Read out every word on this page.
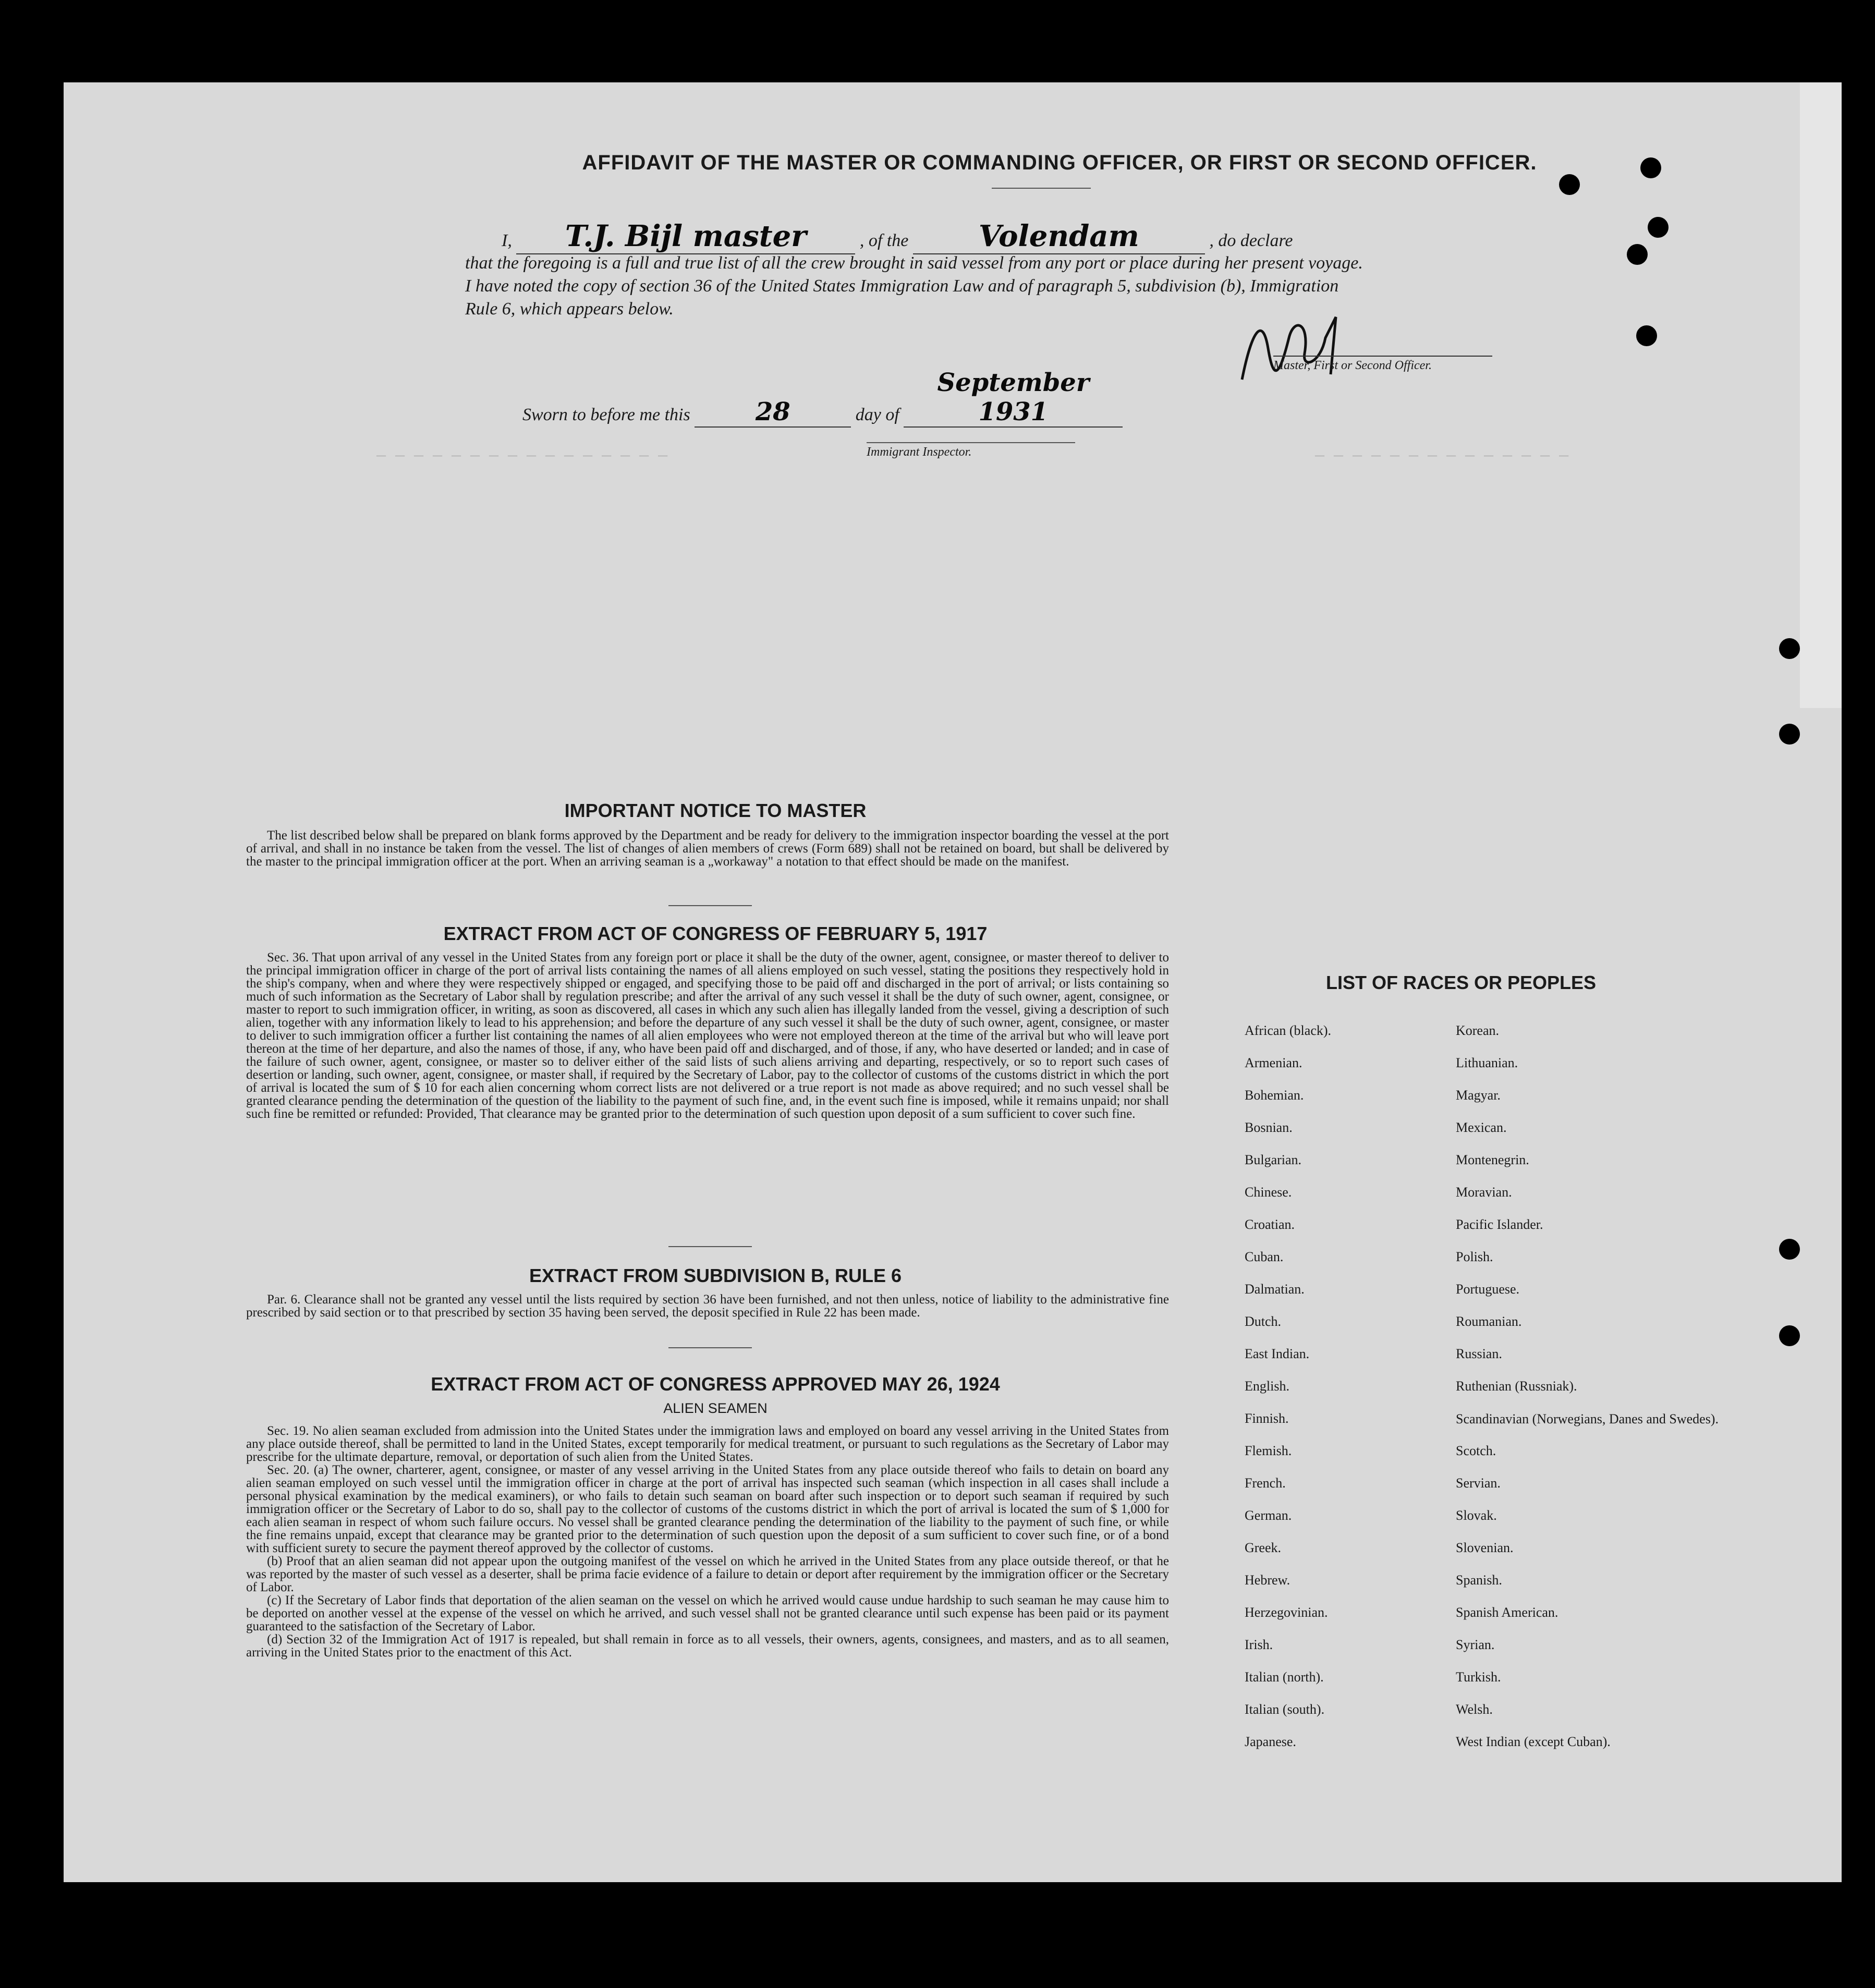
— — — — — — — — — — — — — —
— — — — — — — — — — — — — — — —
AFFIDAVIT OF THE MASTER OR COMMANDING OFFICER, OR FIRST OR SECOND OFFICER.
I, T.J. Bijl master	, of the Volendam	, do declare
that the foregoing is a full and true list of all the crew brought in said vessel from any port or place during her present voyage.
I have noted the copy of section 36 of the United States Immigration Law and of paragraph 5, subdivision (b), Immigration
Rule 6, which appears below.
Master, First or Second Officer.
Sworn to before me this	28	day of September 1931
Immigrant Inspector.
IMPORTANT NOTICE TO MASTER

The list described below shall be prepared on blank forms approved by the Department and be ready for delivery to the immigration inspector boarding the vessel at the port of arrival, and shall in no instance be taken from the vessel. The list of changes of alien members of crews (Form 689) shall not be retained on board, but shall be delivered by the master to the principal immigration officer at the port. When an arriving seaman is a „workaway" a notation to that effect should be made on the manifest.

EXTRACT FROM ACT OF CONGRESS OF FEBRUARY 5, 1917

Sec. 36. That upon arrival of any vessel in the United States from any foreign port or place it shall be the duty of the owner, agent, consignee, or master thereof to deliver to the principal immigration officer in charge of the port of arrival lists containing the names of all aliens employed on such vessel, stating the positions they respectively hold in the ship's company, when and where they were respectively shipped or engaged, and specifying those to be paid off and discharged in the port of arrival; or lists containing so much of such information as the Secretary of Labor shall by regulation prescribe; and after the arrival of any such vessel it shall be the duty of such owner, agent, consignee, or master to report to such immigration officer, in writing, as soon as discovered, all cases in which any such alien has illegally landed from the vessel, giving a description of such alien, together with any information likely to lead to his apprehension; and before the departure of any such vessel it shall be the duty of such owner, agent, consignee, or master to deliver to such immigration officer a further list containing the names of all alien employees who were not employed thereon at the time of the arrival but who will leave port thereon at the time of her departure, and also the names of those, if any, who have been paid off and discharged, and of those, if any, who have deserted or landed; and in case of the failure of such owner, agent, consignee, or master so to deliver either of the said lists of such aliens arriving and departing, respectively, or so to report such cases of desertion or landing, such owner, agent, consignee, or master shall, if required by the Secretary of Labor, pay to the collector of customs of the customs district in which the port of arrival is located the sum of $ 10 for each alien concerning whom correct lists are not delivered or a true report is not made as above required; and no such vessel shall be granted clearance pending the determination of the question of the liability to the payment of such fine, and, in the event such fine is imposed, while it remains unpaid; nor shall such fine be remitted or refunded: Provided, That clearance may be granted prior to the determination of such question upon deposit of a sum sufficient to cover such fine.

EXTRACT FROM SUBDIVISION B, RULE 6

Par. 6. Clearance shall not be granted any vessel until the lists required by section 36 have been furnished, and not then unless, notice of liability to the administrative fine prescribed by said section or to that prescribed by section 35 having been served, the deposit specified in Rule 22 has been made.

EXTRACT FROM ACT OF CONGRESS APPROVED MAY 26, 1924
ALIEN SEAMEN

Sec. 19. No alien seaman excluded from admission into the United States under the immigration laws and employed on board any vessel arriving in the United States from any place outside thereof, shall be permitted to land in the United States, except temporarily for medical treatment, or pursuant to such regulations as the Secretary of Labor may prescribe for the ultimate departure, removal, or deportation of such alien from the United States.

Sec. 20. (a) The owner, charterer, agent, consignee, or master of any vessel arriving in the United States from any place outside thereof who fails to detain on board any alien seaman employed on such vessel until the immigration officer in charge at the port of arrival has inspected such seaman (which inspection in all cases shall include a personal physical examination by the medical examiners), or who fails to detain such seaman on board after such inspection or to deport such seaman if required by such immigration officer or the Secretary of Labor to do so, shall pay to the collector of customs of the customs district in which the port of arrival is located the sum of $ 1,000 for each alien seaman in respect of whom such failure occurs. No vessel shall be granted clearance pending the determination of the liability to the payment of such fine, or while the fine remains unpaid, except that clearance may be granted prior to the determination of such question upon the deposit of a sum sufficient to cover such fine, or of a bond with sufficient surety to secure the payment thereof approved by the collector of customs.

(b) Proof that an alien seaman did not appear upon the outgoing manifest of the vessel on which he arrived in the United States from any place outside thereof, or that he was reported by the master of such vessel as a deserter, shall be prima facie evidence of a failure to detain or deport after requirement by the immigration officer or the Secretary of Labor.

(c) If the Secretary of Labor finds that deportation of the alien seaman on the vessel on which he arrived would cause undue hardship to such seaman he may cause him to be deported on another vessel at the expense of the vessel on which he arrived, and such vessel shall not be granted clearance until such expense has been paid or its payment guaranteed to the satisfaction of the Secretary of Labor.

(d) Section 32 of the Immigration Act of 1917 is repealed, but shall remain in force as to all vessels, their owners, agents, consignees, and masters, and as to all seamen, arriving in the United States prior to the enactment of this Act.

LIST OF RACES OR PEOPLES
African (black).
Armenian.
Bohemian.
Bosnian.
Bulgarian.
Chinese.
Croatian.
Cuban.
Dalmatian.
Dutch.
East Indian.
English.
Finnish.
Flemish.
French.
German.
Greek.
Hebrew.
Herzegovinian.
Irish.
Italian (north).
Italian (south).
Japanese.
Korean.
Lithuanian.
Magyar.
Mexican.
Montenegrin.
Moravian.
Pacific Islander.
Polish.
Portuguese.
Roumanian.
Russian.
Ruthenian (Russniak).
Scandinavian (Norwegians, Danes and Swedes).
Scotch.
Servian.
Slovak.
Slovenian.
Spanish.
Spanish American.
Syrian.
Turkish.
Welsh.
West Indian (except Cuban).
